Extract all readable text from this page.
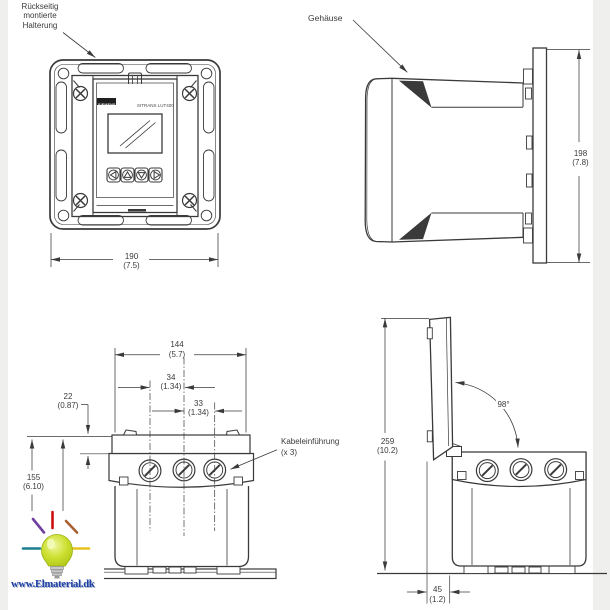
www.Elmaterial.dk
Rückseitig
montierte
Halterung
Gehäuse
SIEMENS SITRANS LUT400
190
(7.5)
198
(7.8)
144
(5.7)
34
(1.34)
33
(1.34)
22
(0.87)
155
(6.10)
259
(10.2)
98°
45
(1.2)
Kabeleinführung
(x 3)
